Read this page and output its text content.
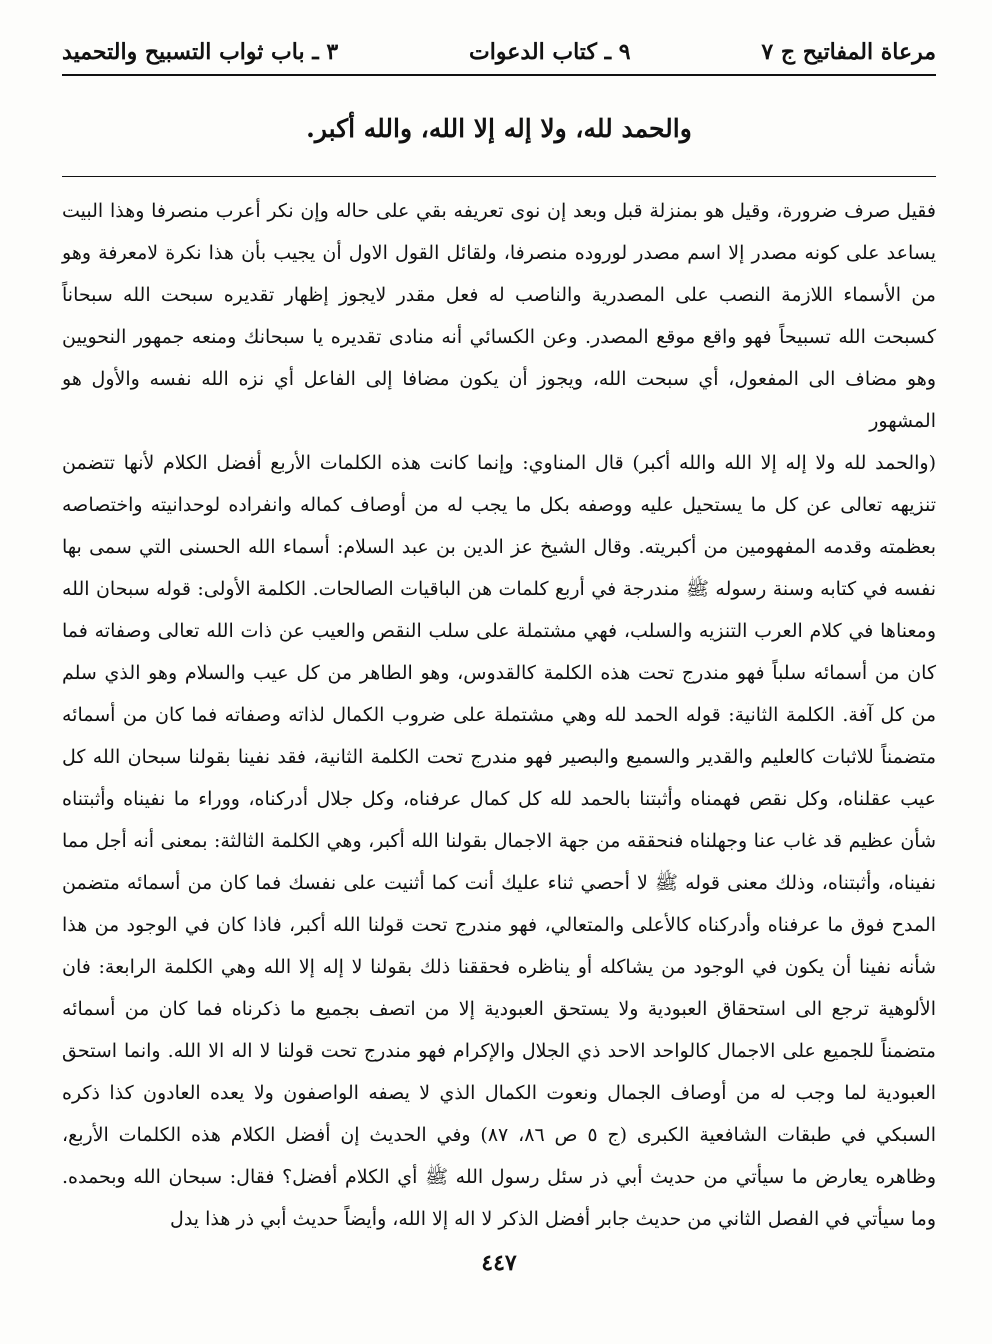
مرعاة المفاتيح ج ٧
٩ ـ كتاب الدعوات
٣ ـ باب ثواب التسبيح والتحميد
والحمد لله، ولا إله إلا الله، والله أكبر.

فقيل صرف ضرورة، وقيل هو بمنزلة قبل وبعد إن نوى تعريفه بقي على حاله وإن نكر أعرب منصرفا وهذا البيت يساعد على كونه مصدر إلا اسم مصدر لوروده منصرفا، ولقائل القول الاول أن يجيب بأن هذا نكرة لامعرفة وهو من الأسماء اللازمة النصب على المصدرية والناصب له فعل مقدر لايجوز إظهار تقديره سبحت الله سبحاناً كسبحت الله تسبيحاً فهو واقع موقع المصدر. وعن الكسائي أنه منادى تقديره يا سبحانك ومنعه جمهور النحويين وهو مضاف الى المفعول، أي سبحت الله، ويجوز أن يكون مضافا إلى الفاعل أي نزه الله نفسه والأول هو المشهور

(والحمد لله ولا إله إلا الله والله أكبر) قال المناوي: وإنما كانت هذه الكلمات الأربع أفضل الكلام لأنها تتضمن تنزيهه تعالى عن كل ما يستحيل عليه ووصفه بكل ما يجب له من أوصاف كماله وانفراده لوحدانيته واختصاصه بعظمته وقدمه المفهومين من أكبريته. وقال الشيخ عز الدين بن عبد السلام: أسماء الله الحسنى التي سمى بها نفسه في كتابه وسنة رسوله ﷺ مندرجة في أربع كلمات هن الباقيات الصالحات. الكلمة الأولى: قوله سبحان الله ومعناها في كلام العرب التنزيه والسلب، فهي مشتملة على سلب النقص والعيب عن ذات الله تعالى وصفاته فما كان من أسمائه سلباً فهو مندرج تحت هذه الكلمة كالقدوس، وهو الطاهر من كل عيب والسلام وهو الذي سلم من كل آفة. الكلمة الثانية: قوله الحمد لله وهي مشتملة على ضروب الكمال لذاته وصفاته فما كان من أسمائه متضمناً للاثبات كالعليم والقدير والسميع والبصير فهو مندرج تحت الكلمة الثانية، فقد نفينا بقولنا سبحان الله كل عيب عقلناه، وكل نقص فهمناه وأثبتنا بالحمد لله كل كمال عرفناه، وكل جلال أدركناه، ووراء ما نفيناه وأثبتناه شأن عظيم قد غاب عنا وجهلناه فنحققه من جهة الاجمال بقولنا الله أكبر، وهي الكلمة الثالثة: بمعنى أنه أجل مما نفيناه، وأثبتناه، وذلك معنى قوله ﷺ لا أحصي ثناء عليك أنت كما أثنيت على نفسك فما كان من أسمائه متضمن المدح فوق ما عرفناه وأدركناه كالأعلى والمتعالي، فهو مندرج تحت قولنا الله أكبر، فاذا كان في الوجود من هذا شأنه نفينا أن يكون في الوجود من يشاكله أو يناظره فحققنا ذلك بقولنا لا إله إلا الله وهي الكلمة الرابعة: فان الألوهية ترجع الى استحقاق العبودية ولا يستحق العبودية إلا من اتصف بجميع ما ذكرناه فما كان من أسمائه متضمناً للجميع على الاجمال كالواحد الاحد ذي الجلال والإكرام فهو مندرج تحت قولنا لا اله الا الله. وانما استحق العبودية لما وجب له من أوصاف الجمال ونعوت الكمال الذي لا يصفه الواصفون ولا يعده العادون كذا ذكره السبكي في طبقات الشافعية الكبرى (ج ٥ ص ٨٦، ٨٧) وفي الحديث إن أفضل الكلام هذه الكلمات الأربع، وظاهره يعارض ما سيأتي من حديث أبي ذر سئل رسول الله ﷺ أي الكلام أفضل؟ فقال: سبحان الله وبحمده. وما سيأتي في الفصل الثاني من حديث جابر أفضل الذكر لا اله إلا الله، وأيضاً حديث أبي ذر هذا يدل

٤٤٧
